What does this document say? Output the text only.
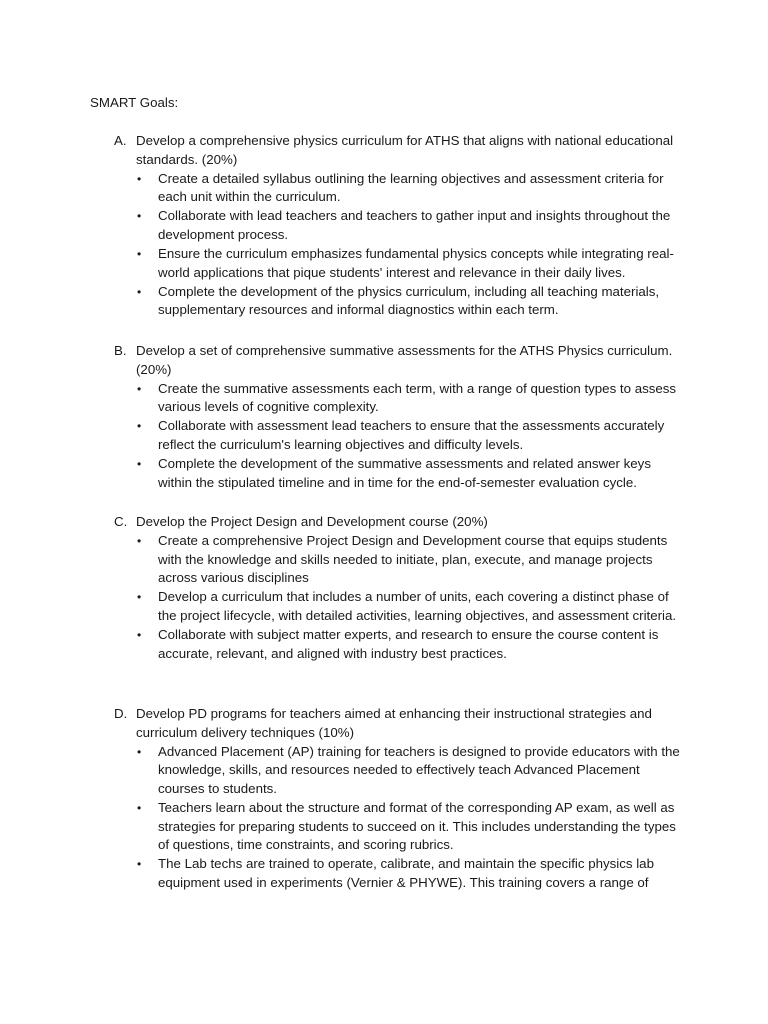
SMART Goals:
A. Develop a comprehensive physics curriculum for ATHS that aligns with national educational standards. (20%)
• Create a detailed syllabus outlining the learning objectives and assessment criteria for each unit within the curriculum.
• Collaborate with lead teachers and teachers to gather input and insights throughout the development process.
• Ensure the curriculum emphasizes fundamental physics concepts while integrating real-world applications that pique students' interest and relevance in their daily lives.
• Complete the development of the physics curriculum, including all teaching materials, supplementary resources and informal diagnostics within each term.
B. Develop a set of comprehensive summative assessments for the ATHS Physics curriculum. (20%)
• Create the summative assessments each term, with a range of question types to assess various levels of cognitive complexity.
• Collaborate with assessment lead teachers to ensure that the assessments accurately reflect the curriculum's learning objectives and difficulty levels.
• Complete the development of the summative assessments and related answer keys within the stipulated timeline and in time for the end-of-semester evaluation cycle.
C. Develop the Project Design and Development course (20%)
• Create a comprehensive Project Design and Development course that equips students with the knowledge and skills needed to initiate, plan, execute, and manage projects across various disciplines
• Develop a curriculum that includes a number of units, each covering a distinct phase of the project lifecycle, with detailed activities, learning objectives, and assessment criteria.
• Collaborate with subject matter experts, and research to ensure the course content is accurate, relevant, and aligned with industry best practices.
D. Develop PD programs for teachers aimed at enhancing their instructional strategies and curriculum delivery techniques (10%)
• Advanced Placement (AP) training for teachers is designed to provide educators with the knowledge, skills, and resources needed to effectively teach Advanced Placement courses to students.
• Teachers learn about the structure and format of the corresponding AP exam, as well as strategies for preparing students to succeed on it. This includes understanding the types of questions, time constraints, and scoring rubrics.
• The Lab techs are trained to operate, calibrate, and maintain the specific physics lab equipment used in experiments (Vernier & PHYWE). This training covers a range of
